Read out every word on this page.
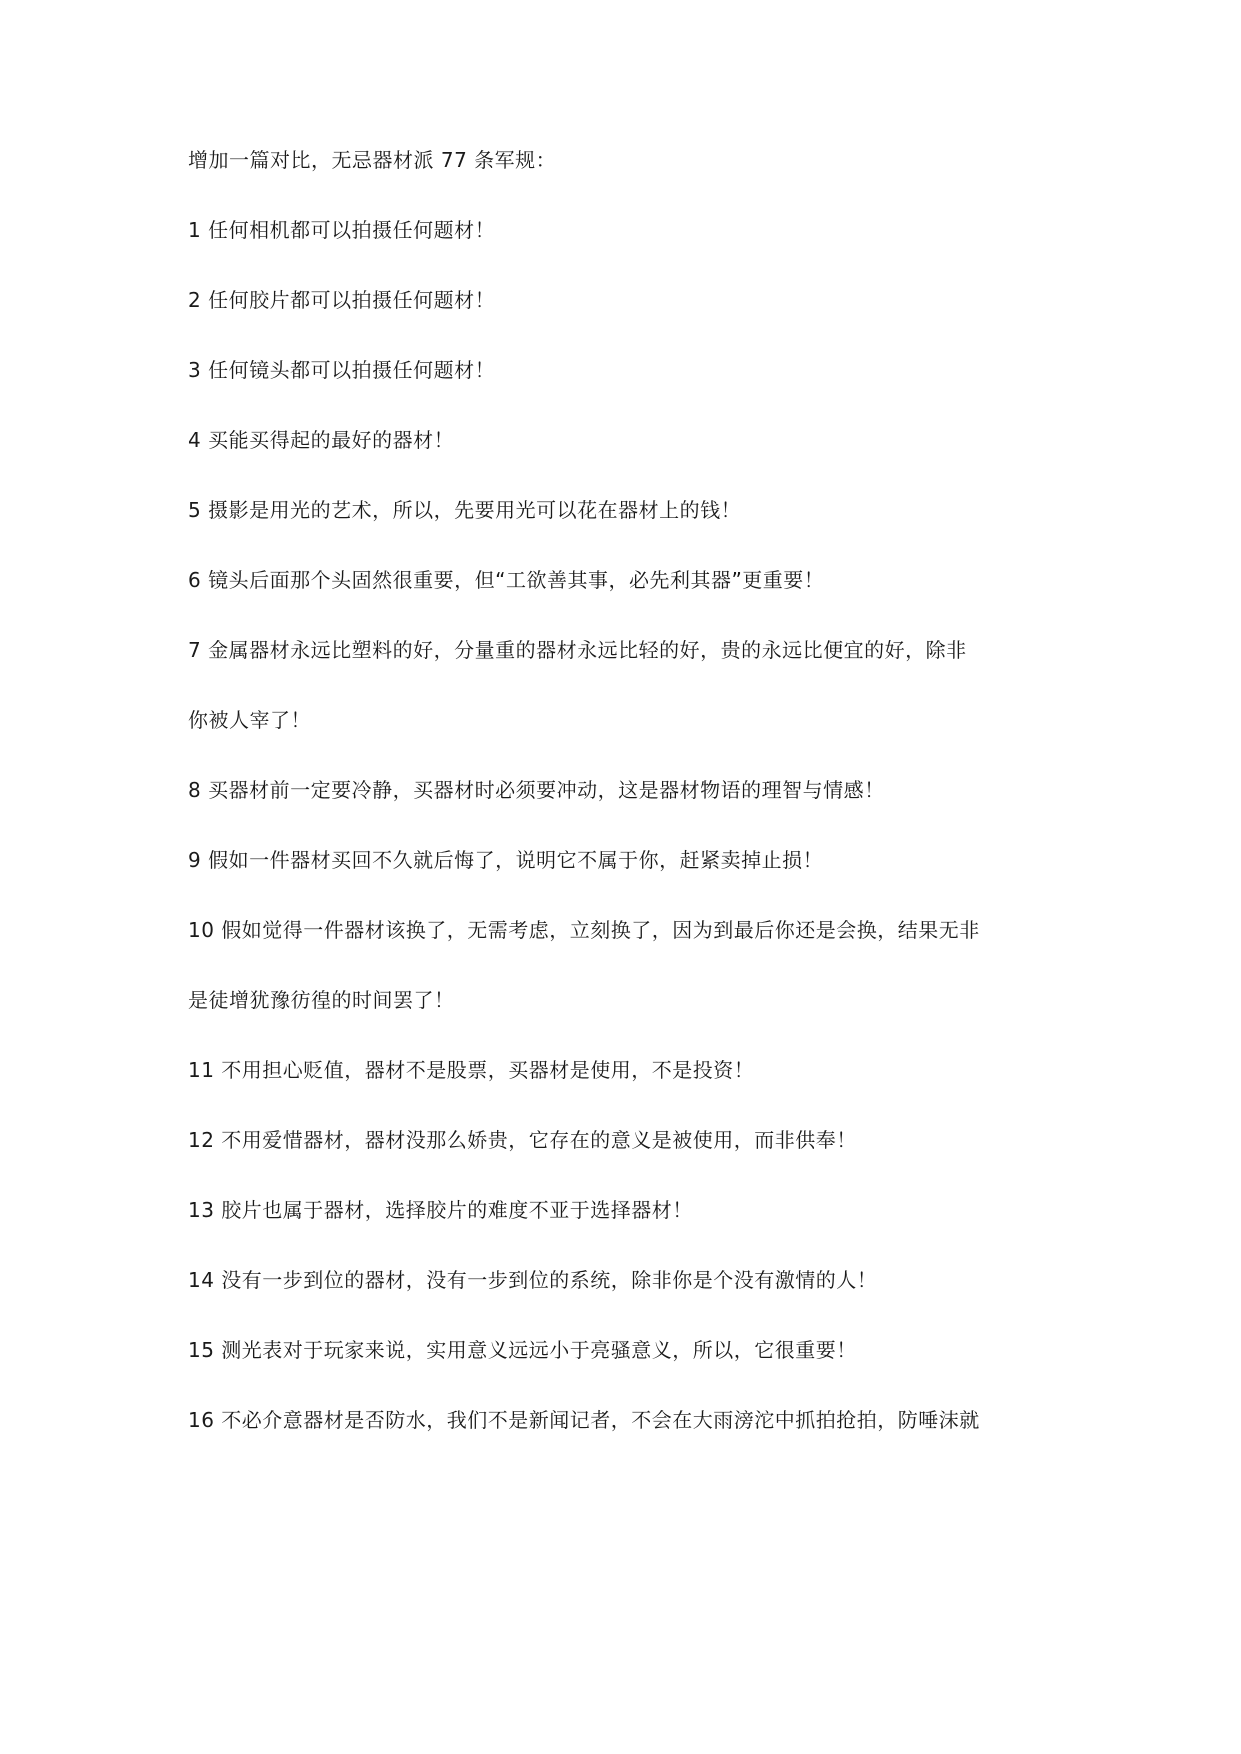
增加一篇对比，无忌器材派 77 条军规：
1 任何相机都可以拍摄任何题材！
2 任何胶片都可以拍摄任何题材！
3 任何镜头都可以拍摄任何题材！
4 买能买得起的最好的器材！
5 摄影是用光的艺术，所以，先要用光可以花在器材上的钱！
6 镜头后面那个头固然很重要，但“工欲善其事，必先利其器”更重要！
7 金属器材永远比塑料的好，分量重的器材永远比轻的好，贵的永远比便宜的好，除非
你被人宰了！
8 买器材前一定要冷静，买器材时必须要冲动，这是器材物语的理智与情感！
9 假如一件器材买回不久就后悔了，说明它不属于你，赶紧卖掉止损！
10 假如觉得一件器材该换了，无需考虑，立刻换了，因为到最后你还是会换，结果无非
是徒增犹豫彷徨的时间罢了！
11 不用担心贬值，器材不是股票，买器材是使用，不是投资！
12 不用爱惜器材，器材没那么娇贵，它存在的意义是被使用，而非供奉！
13 胶片也属于器材，选择胶片的难度不亚于选择器材！
14 没有一步到位的器材，没有一步到位的系统，除非你是个没有激情的人！
15 测光表对于玩家来说，实用意义远远小于亮骚意义，所以，它很重要！
16 不必介意器材是否防水，我们不是新闻记者，不会在大雨滂沱中抓拍抢拍，防唾沫就
